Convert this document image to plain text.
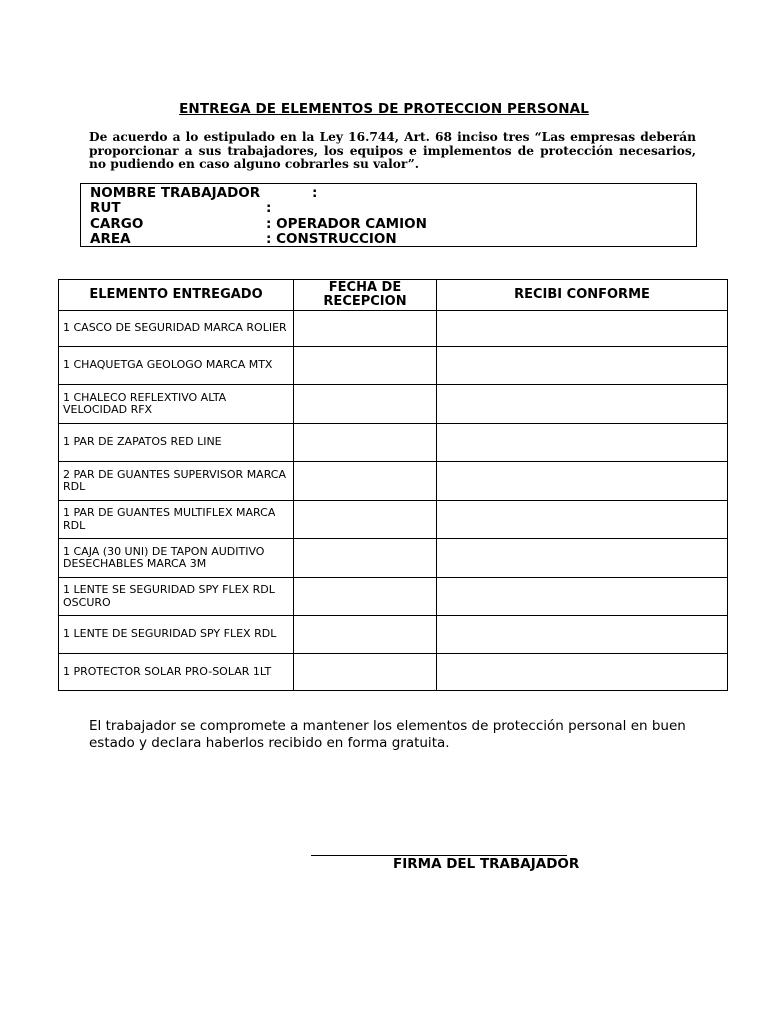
ENTREGA DE ELEMENTOS DE PROTECCION PERSONAL
De acuerdo a lo estipulado en la Ley 16.744, Art. 68 inciso tres “Las empresas deberán proporcionar a sus trabajadores, los equipos e implementos de protección necesarios, no pudiendo en caso alguno cobrarles su valor”.
NOMBRE TRABAJADOR	:
RUT	:
CARGO	: OPERADOR CAMION
AREA	: CONSTRUCCION
ELEMENTO ENTREGADO	FECHA DE RECEPCION	RECIBI CONFORME
1 CASCO DE SEGURIDAD MARCA ROLIER		
1 CHAQUETGA GEOLOGO MARCA MTX		
1 CHALECO REFLEXTIVO ALTA VELOCIDAD RFX		
1 PAR DE ZAPATOS RED LINE		
2 PAR DE GUANTES SUPERVISOR MARCA RDL		
1 PAR DE GUANTES MULTIFLEX MARCA RDL		
1 CAJA (30 UNI) DE TAPON AUDITIVO DESECHABLES MARCA 3M		
1 LENTE SE SEGURIDAD SPY FLEX RDL OSCURO		
1 LENTE DE SEGURIDAD SPY FLEX RDL		
1 PROTECTOR SOLAR PRO-SOLAR 1LT		
El trabajador se compromete a mantener los elementos de protección personal en buen estado y declara haberlos recibido en forma gratuita.
FIRMA DEL TRABAJADOR
